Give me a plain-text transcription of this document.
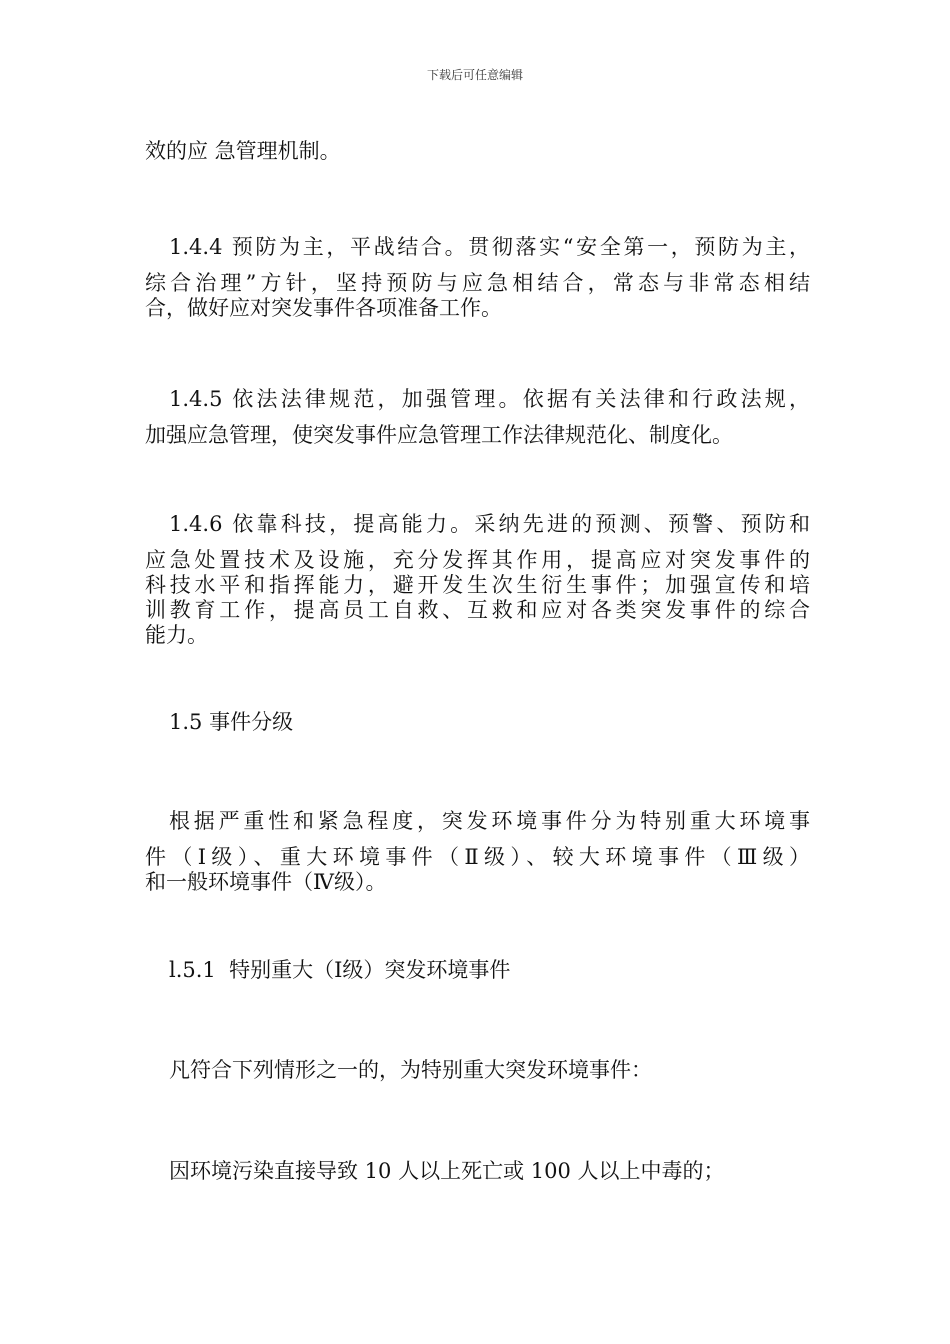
下载后可任意编辑
效的应 急管理机制。
1.4.4 预防为主，平战结合。贯彻落实“安全第一，预防为主，
综合治理”方针，坚持预防与应急相结合，常态与非常态相结
合，做好应对突发事件各项准备工作。
1.4.5 依法法律规范，加强管理。依据有关法律和行政法规，
加强应急管理，使突发事件应急管理工作法律规范化、制度化。
1.4.6 依靠科技，提高能力。采纳先进的预测、预警、预防和
应急处置技术及设施，充分发挥其作用，提高应对突发事件的
科技水平和指挥能力，避开发生次生衍生事件；加强宣传和培
训教育工作，提高员工自救、互救和应对各类突发事件的综合
能力。
1.5 事件分级
根据严重性和紧急程度，突发环境事件分为特别重大环境事
件（Ⅰ级）、重大环境事件（Ⅱ级）、较大环境事件（Ⅲ级）
和一般环境事件（Ⅳ级）。
l.5.1  特别重大（Ⅰ级）突发环境事件
凡符合下列情形之一的，为特别重大突发环境事件：
因环境污染直接导致 10 人以上死亡或 100 人以上中毒的；
